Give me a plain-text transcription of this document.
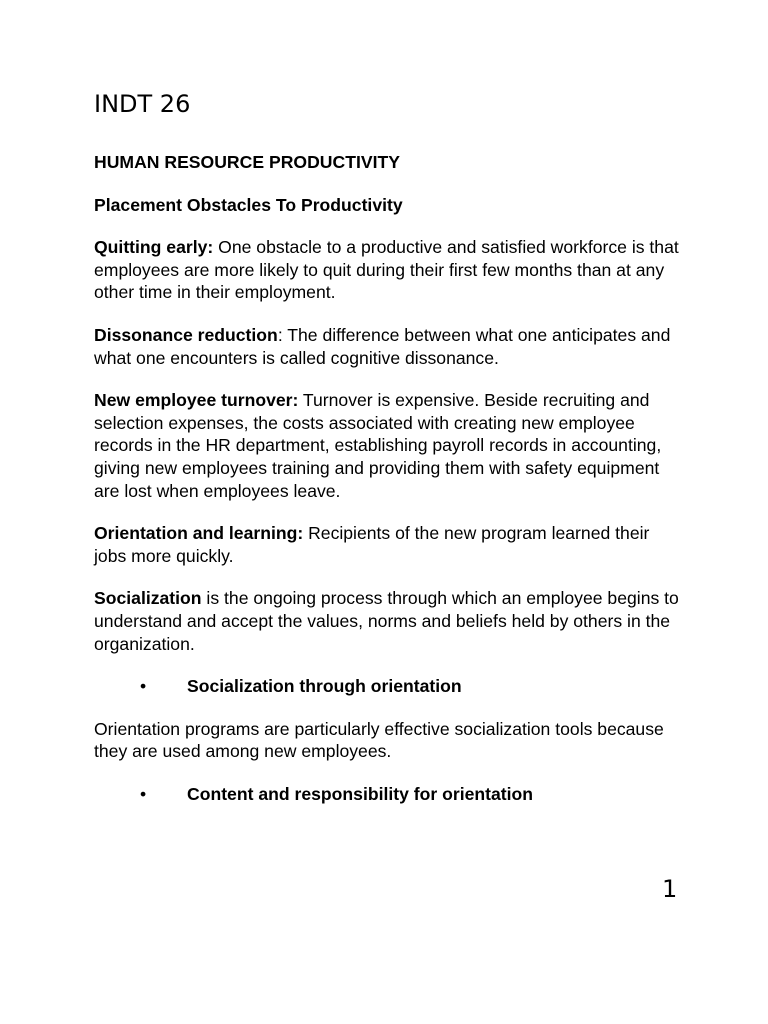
INDT 26
HUMAN RESOURCE PRODUCTIVITY
Placement Obstacles To Productivity

Quitting early: One obstacle to a productive and satisfied workforce is that employees are more likely to quit during their first few months than at any other time in their employment.

Dissonance reduction: The difference between what one anticipates and what one encounters is called cognitive dissonance.

New employee turnover: Turnover is expensive. Beside recruiting and selection expenses, the costs associated with creating new employee records in the HR department, establishing payroll records in accounting, giving new employees training and providing them with safety equipment are lost when employees leave.

Orientation and learning: Recipients of the new program learned their jobs more quickly.

Socialization is the ongoing process through which an employee begins to understand and accept the values, norms and beliefs held by others in the organization.

•	Socialization through orientation

Orientation programs are particularly effective socialization tools because they are used among new employees.

•	Content and responsibility for orientation
1
